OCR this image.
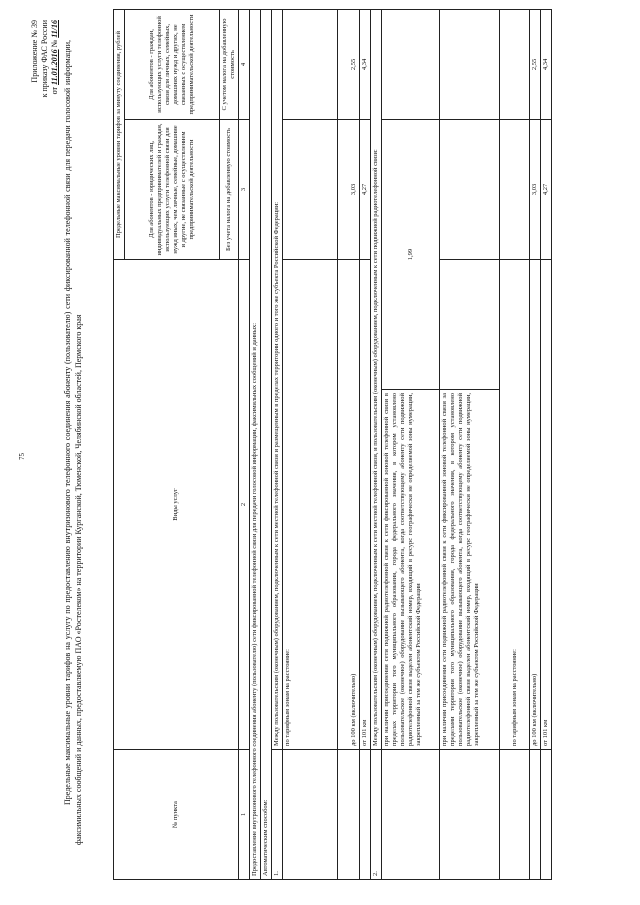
75
Приложение № 39 к приказу ФАС России от 11.01.2016 № 11/16
Предельные максимальные уровни тарифов на услугу по предоставлению внутризонового телефонного соединения абоненту (пользователю) сети фиксированной телефонной связи для передачи голосовой информации, факсимильных сообщений и данных, предоставляемую ПАО «Ростелеком» на территории Курганской, Тюменской, Челябинской областей, Пермского края	№ пункта	Виды услуг		Предельные максимальные уровни тарифов за минуту соединения, рублей	
			Для абонентов - юридических лиц, индивидуальных предпринимателей и граждан, использующих услуги телефонной связи для нужд иных, чем личные, семейные, домашние и другие, не связанные с осуществлением предпринимательской деятельности	Для абонентов - граждан, использующих услуги телефонной связи для личных, семейных, домашних нужд и других, не связанных с осуществлением предпринимательской деятельности
			Без учета налога на добавленную стоимость	С учетом налога на добавленную стоимость
1	2		3	4
Предоставление внутризонового телефонного соединения абоненту (пользователю) сети фиксированной телефонной связи для передачи голосовой информации, факсимильных сообщений и данных:				
Автоматическим способом:				
1.	Между пользовательским (оконечным) оборудованием, подключенным к сети местной телефонной связи и размещенным в пределах территории одного и того же субъекта Российской Федерации:			
	по тарифным зонам на расстояние:			
	до 100 км (включительно)		3,03	2,55
	от 101 км		4,27	4,34
2.	Между пользовательским (оконечным) оборудованием, подключенным к сети местной телефонной связи, и пользовательским (оконечным) оборудованием, подключенным к сети подвижной радиотелефонной связи:			
	при наличии присоединения сети подвижной радиотелефонной связи к сети фиксированной зоновой телефонной связи в пределах территории того муниципального образования, города федерального значения, в котором установлено пользовательское (оконечное) оборудование вызывающего абонента, когда соответствующему абоненту сети подвижной радиотелефонной связи выделен абонентский номер, входящий в ресурс географически не определяемой зоны нумерации, закрепленный за тем же субъектом Российской Федерации	1,99		
	при наличии присоединения сети подвижной радиотелефонной связи к сети фиксированной зоновой телефонной связи за пределами территории того муниципального образования, города федерального значения, в котором установлено пользовательское (оконечное) оборудование вызывающего абонента, когда соответствующему абоненту сети подвижной радиотелефонной связи выделен абонентский номер, входящий в ресурс географически не определяемой зоны нумерации, закрепленный за тем же субъектом Российской Федерации			
	по тарифным зонам на расстояние:			
	до 100 км (включительно)		3,03	2,55
	от 101 км		4,27	4,34
